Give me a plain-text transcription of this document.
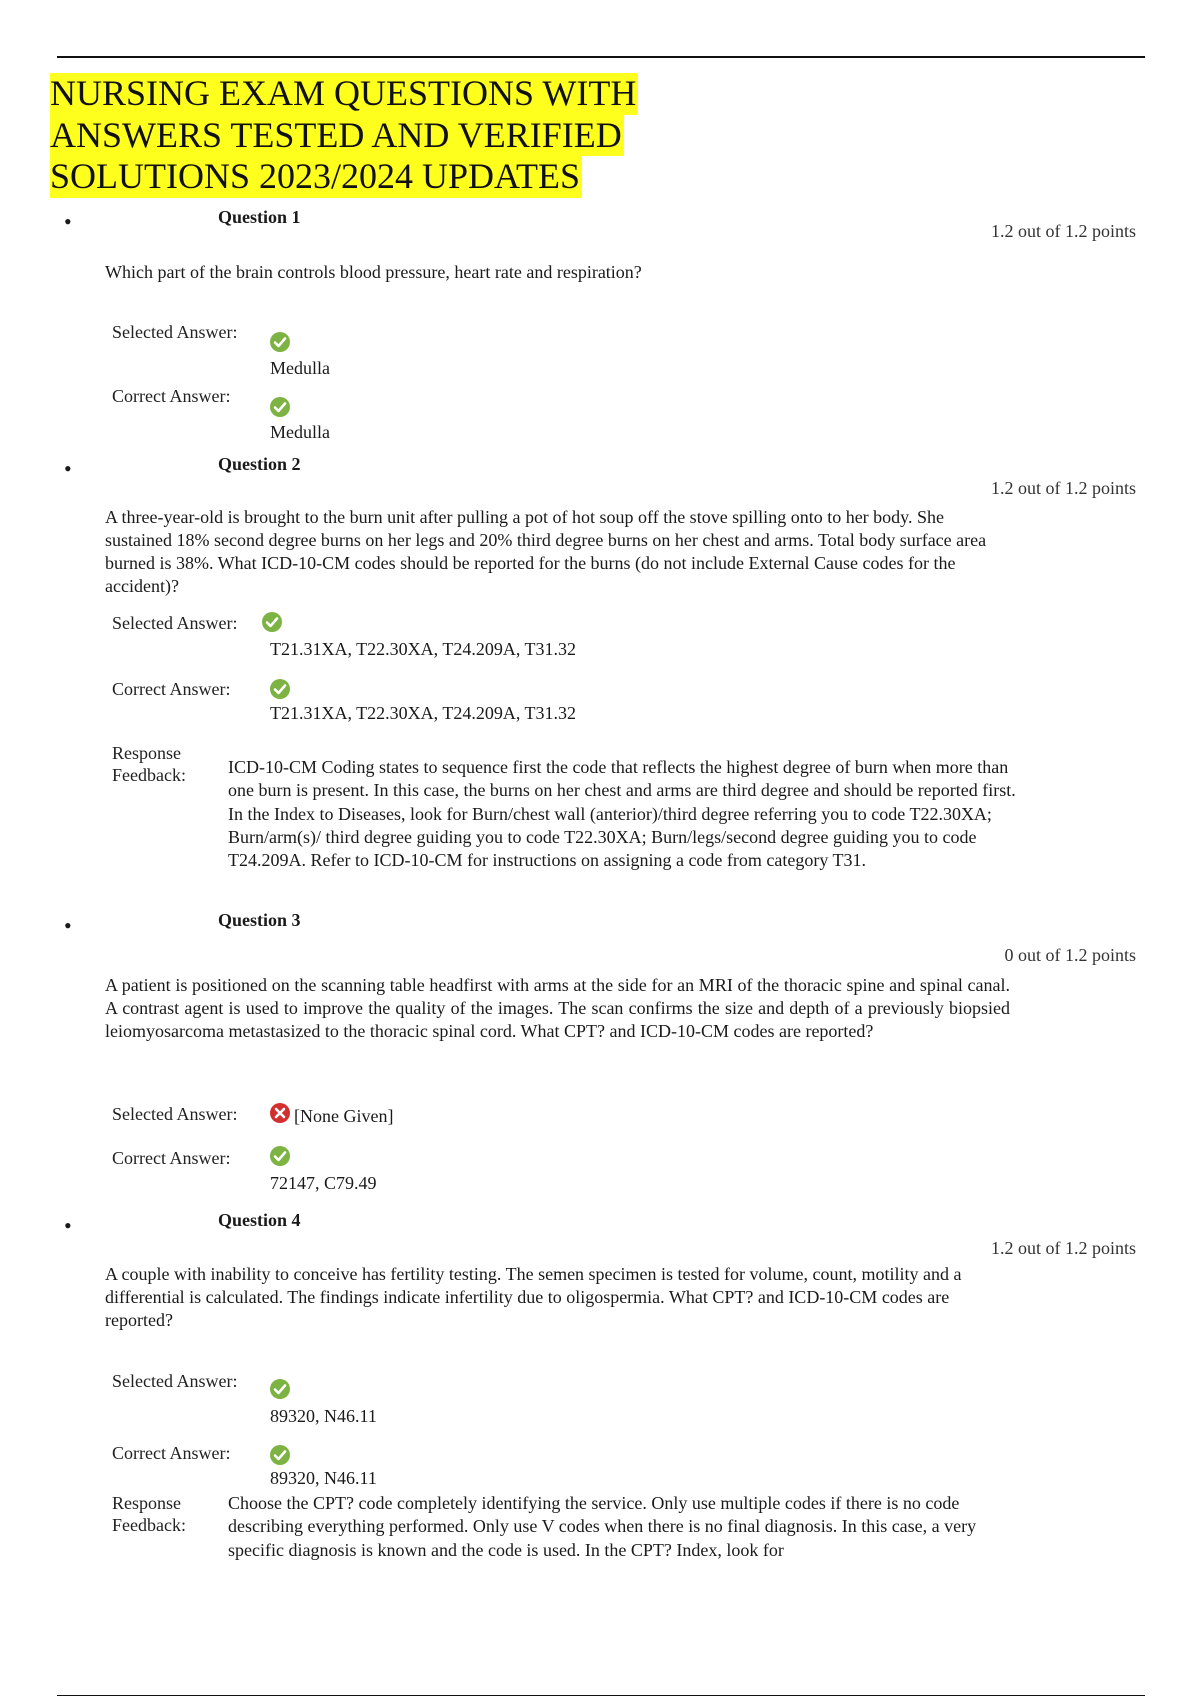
NURSING EXAM QUESTIONS WITH
ANSWERS TESTED AND VERIFIED
SOLUTIONS 2023/2024 UPDATES
•	Question 1
1.2 out of 1.2 points

Which part of the brain controls blood pressure, heart rate and respiration?

Selected Answer:
Medulla
Correct Answer:
Medulla
•	Question 2
1.2 out of 1.2 points

A three-year-old is brought to the burn unit after pulling a pot of hot soup off the stove spilling onto to her body. She sustained 18% second degree burns on her legs and 20% third degree burns on her chest and arms. Total body surface area burned is 38%. What ICD-10-CM codes should be reported for the burns (do not include External Cause codes for the accident)?

Selected Answer:
T21.31XA, T22.30XA, T24.209A, T31.32
Correct Answer:
T21.31XA, T22.30XA, T24.209A, T31.32
Response
Feedback:	ICD-10-CM Coding states to sequence first the code that reflects the highest degree of burn when more than one burn is present. In this case, the burns on her chest and arms are third degree and should be reported first. In the Index to Diseases, look for Burn/chest wall (anterior)/third degree referring you to code T22.30XA; Burn/arm(s)/ third degree guiding you to code T22.30XA; Burn/legs/second degree guiding you to code T24.209A. Refer to ICD-10-CM for instructions on assigning a code from category T31.

•	Question 3
0 out of 1.2 points

A patient is positioned on the scanning table headfirst with arms at the side for an MRI of the thoracic spine and spinal canal. A contrast agent is used to improve the quality of the images. The scan confirms the size and depth of a previously biopsied leiomyosarcoma metastasized to the thoracic spinal cord. What CPT? and ICD-10-CM codes are reported?

Selected Answer:	[None Given]
Correct Answer:
72147, C79.49
•	Question 4
1.2 out of 1.2 points

A couple with inability to conceive has fertility testing. The semen specimen is tested for volume, count, motility and a differential is calculated. The findings indicate infertility due to oligospermia. What CPT? and ICD-10-CM codes are reported?

Selected Answer:
89320, N46.11
Correct Answer:
89320, N46.11
Response
Feedback:

Choose the CPT? code completely identifying the service. Only use multiple codes if there is no code describing everything performed. Only use V codes when there is no final diagnosis. In this case, a very specific diagnosis is known and the code is used. In the CPT? Index, look for
